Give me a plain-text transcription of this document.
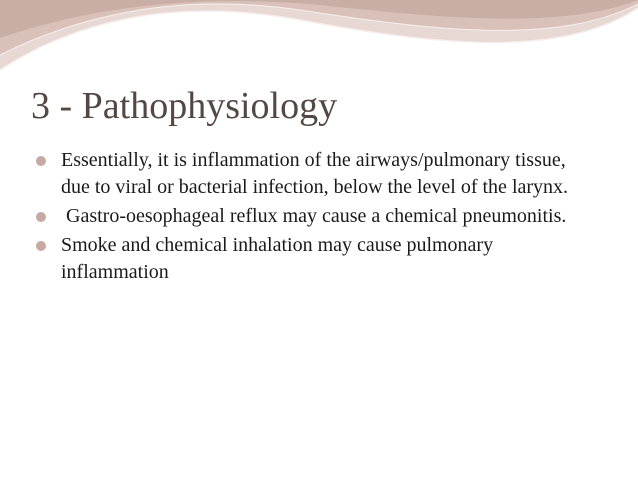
3 - Pathophysiology
Essentially, it is inflammation of the airways/pulmonary tissue, due to viral or bacterial infection, below the level of the larynx.
Gastro-oesophageal reflux may cause a chemical pneumonitis.
Smoke and chemical inhalation may cause pulmonary inflammation
